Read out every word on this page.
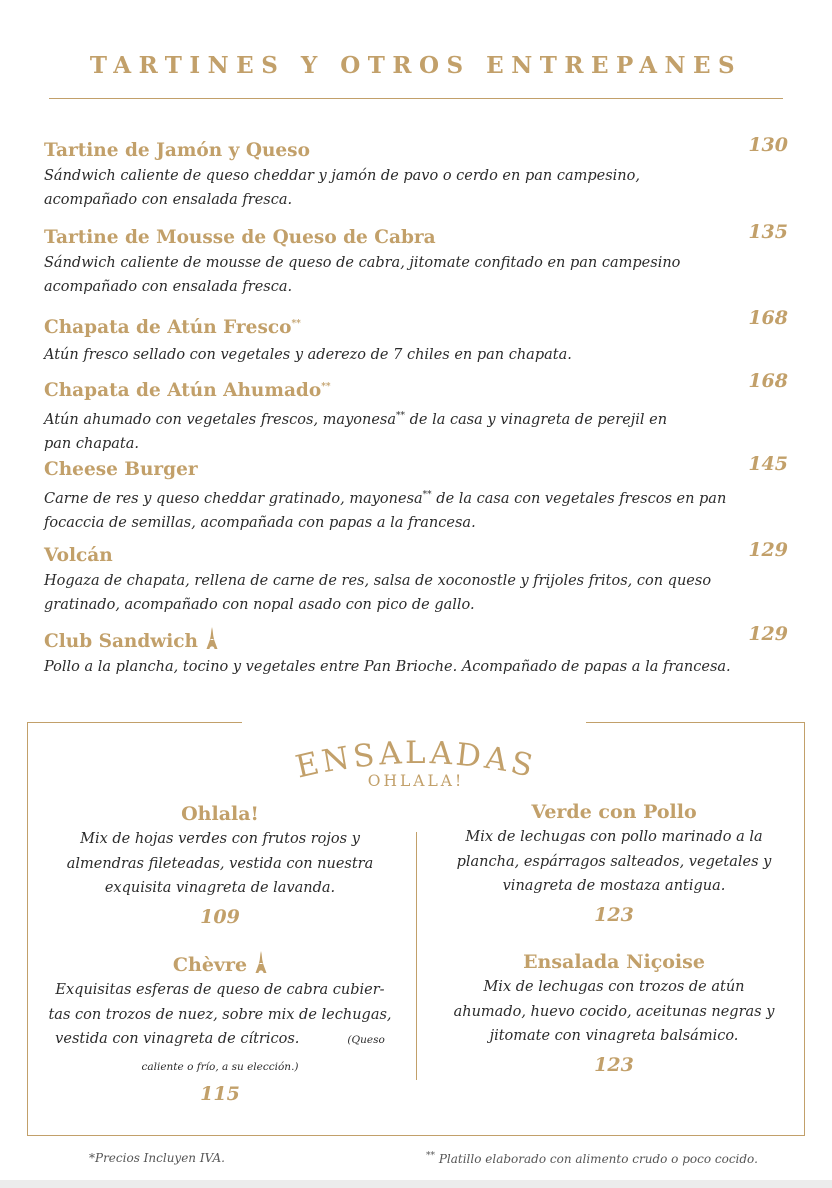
TARTINES Y OTROS ENTREPANES
Tartine de Jamón y Queso	130
Sándwich caliente de queso cheddar y jamón de pavo o cerdo en pan campesino,
acompañado con ensalada fresca.
Tartine de Mousse de Queso de Cabra	135
Sándwich caliente de mousse de queso de cabra, jitomate confitado en pan campesino
acompañado con ensalada fresca.
Chapata de Atún Fresco**	168
Atún fresco sellado con vegetales y aderezo de 7 chiles en pan chapata.
Chapata de Atún Ahumado**	168
Atún ahumado con vegetales frescos, mayonesa** de la casa y vinagreta de perejil en
pan chapata.
Cheese Burger	145
Carne de res y queso cheddar gratinado, mayonesa** de la casa con vegetales frescos en pan
focaccia de semillas, acompañada con papas a la francesa.
Volcán	129
Hogaza de chapata, rellena de carne de res, salsa de xoconostle y frijoles fritos, con queso
gratinado, acompañado con nopal asado con pico de gallo.
Club Sandwich	129
Pollo a la plancha, tocino y vegetales entre Pan Brioche. Acompañado de papas a la francesa.
ENSALADAS
OHLALA!
Ohlala!
Mix de hojas verdes con frutos rojos y
almendras fileteadas, vestida con nuestra
exquisita vinagreta de lavanda.
109
Verde con Pollo
Mix de lechugas con pollo marinado a la
plancha, espárragos salteados, vegetales y
vinagreta de mostaza antigua.
123
Chèvre
Exquisitas esferas de queso de cabra cubier-
tas con trozos de nuez, sobre mix de lechugas,
vestida con vinagreta de cítricos.	(Queso
caliente o frío, a su elección.)
115
Ensalada Niçoise
Mix de lechugas con trozos de atún
ahumado, huevo cocido, aceitunas negras y
jitomate con vinagreta balsámico.
123
*Precios Incluyen IVA.	** Platillo elaborado con alimento crudo o poco cocido.
